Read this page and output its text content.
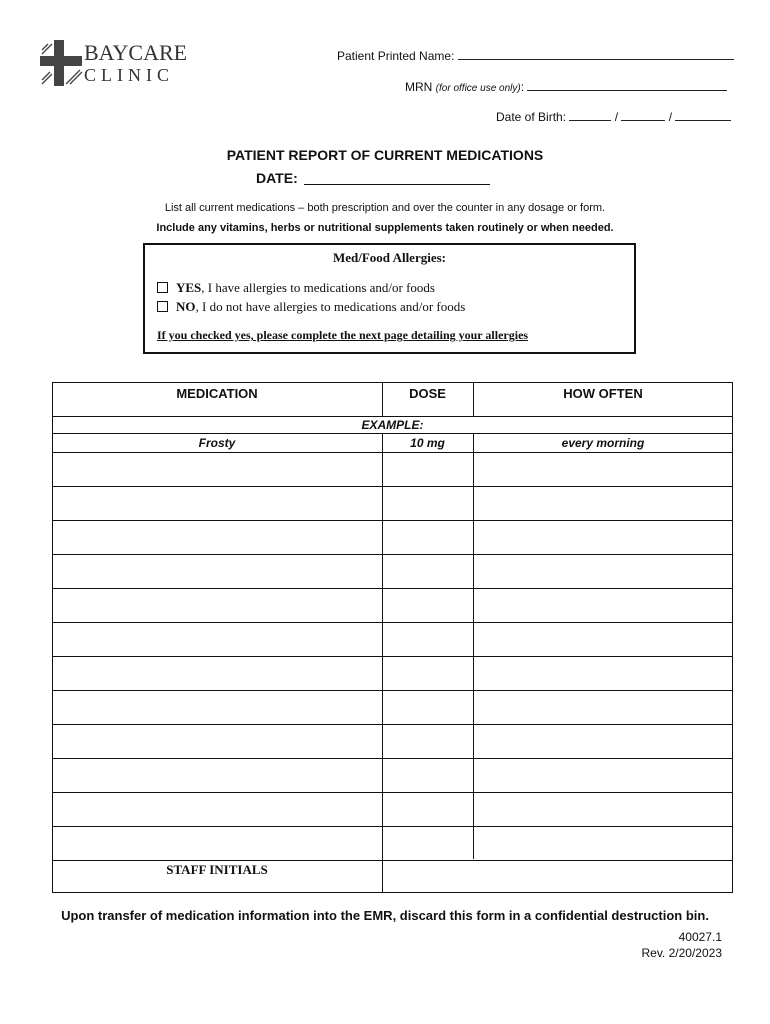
BAYCARE
CLINIC
Patient Printed Name:
MRN (for office use only):
Date of Birth:	/	/
PATIENT REPORT OF CURRENT MEDICATIONS
DATE:
List all current medications – both prescription and over the counter in any dosage or form.
Include any vitamins, herbs or nutritional supplements taken routinely or when needed.
Med/Food Allergies:
YES, I have allergies to medications and/or foods
NO, I do not have allergies to medications and/or foods
If you checked yes, please complete the next page detailing your allergies
MEDICATION	DOSE	HOW OFTEN
EXAMPLE:
Frosty	10 mg	every morning
STAFF INITIALS
Upon transfer of medication information into the EMR, discard this form in a confidential destruction bin.
40027.1
Rev. 2/20/2023
